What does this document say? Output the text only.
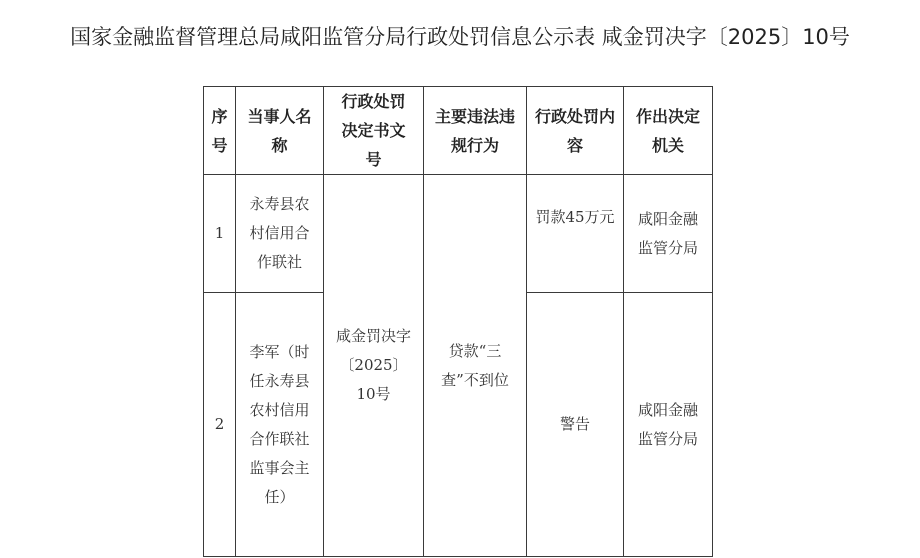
国家金融监督管理总局咸阳监管分局行政处罚信息公示表 咸金罚决字〔2025〕10号
序号	当事人名称	行政处罚决定书文号	主要违法违规行为	行政处罚内容	作出决定机关
1	永寿县农村信用合作联社	咸金罚决字〔2025〕10号	贷款“三查”不到位	罚款45万元	咸阳金融监管分局
2	李军（时任永寿县农村信用合作联社监事会主任）			警告	咸阳金融监管分局
